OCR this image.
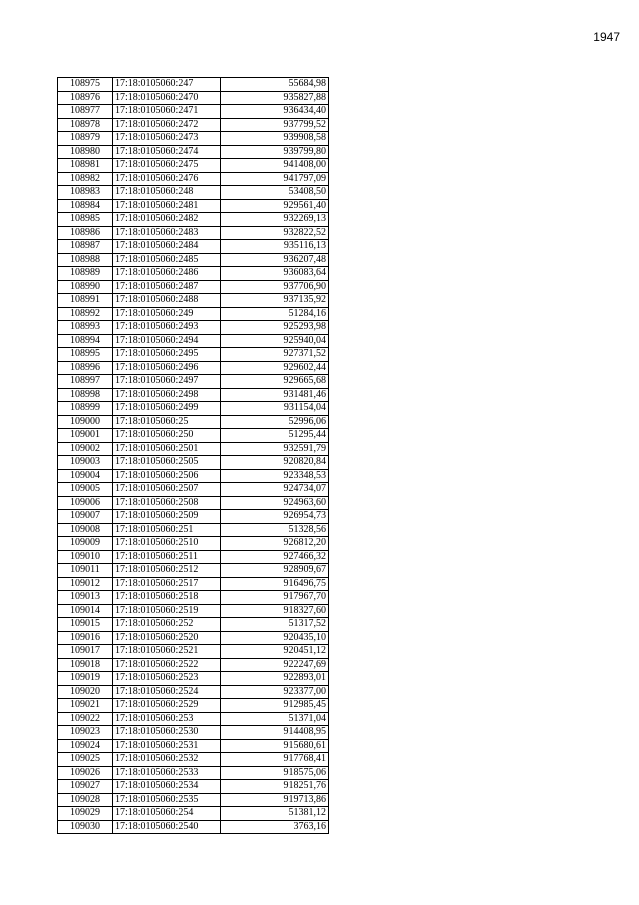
1947
108975	17:18:0105060:247	55684,98
108976	17:18:0105060:2470	935827,88
108977	17:18:0105060:2471	936434,40
108978	17:18:0105060:2472	937799,52
108979	17:18:0105060:2473	939908,58
108980	17:18:0105060:2474	939799,80
108981	17:18:0105060:2475	941408,00
108982	17:18:0105060:2476	941797,09
108983	17:18:0105060:248	53408,50
108984	17:18:0105060:2481	929561,40
108985	17:18:0105060:2482	932269,13
108986	17:18:0105060:2483	932822,52
108987	17:18:0105060:2484	935116,13
108988	17:18:0105060:2485	936207,48
108989	17:18:0105060:2486	936083,64
108990	17:18:0105060:2487	937706,90
108991	17:18:0105060:2488	937135,92
108992	17:18:0105060:249	51284,16
108993	17:18:0105060:2493	925293,98
108994	17:18:0105060:2494	925940,04
108995	17:18:0105060:2495	927371,52
108996	17:18:0105060:2496	929602,44
108997	17:18:0105060:2497	929665,68
108998	17:18:0105060:2498	931481,46
108999	17:18:0105060:2499	931154,04
109000	17:18:0105060:25	52996,06
109001	17:18:0105060:250	51295,44
109002	17:18:0105060:2501	932591,79
109003	17:18:0105060:2505	920820,84
109004	17:18:0105060:2506	923348,53
109005	17:18:0105060:2507	924734,07
109006	17:18:0105060:2508	924963,60
109007	17:18:0105060:2509	926954,73
109008	17:18:0105060:251	51328,56
109009	17:18:0105060:2510	926812,20
109010	17:18:0105060:2511	927466,32
109011	17:18:0105060:2512	928909,67
109012	17:18:0105060:2517	916496,75
109013	17:18:0105060:2518	917967,70
109014	17:18:0105060:2519	918327,60
109015	17:18:0105060:252	51317,52
109016	17:18:0105060:2520	920435,10
109017	17:18:0105060:2521	920451,12
109018	17:18:0105060:2522	922247,69
109019	17:18:0105060:2523	922893,01
109020	17:18:0105060:2524	923377,00
109021	17:18:0105060:2529	912985,45
109022	17:18:0105060:253	51371,04
109023	17:18:0105060:2530	914408,95
109024	17:18:0105060:2531	915680,61
109025	17:18:0105060:2532	917768,41
109026	17:18:0105060:2533	918575,06
109027	17:18:0105060:2534	918251,76
109028	17:18:0105060:2535	919713,86
109029	17:18:0105060:254	51381,12
109030	17:18:0105060:2540	3763,16
